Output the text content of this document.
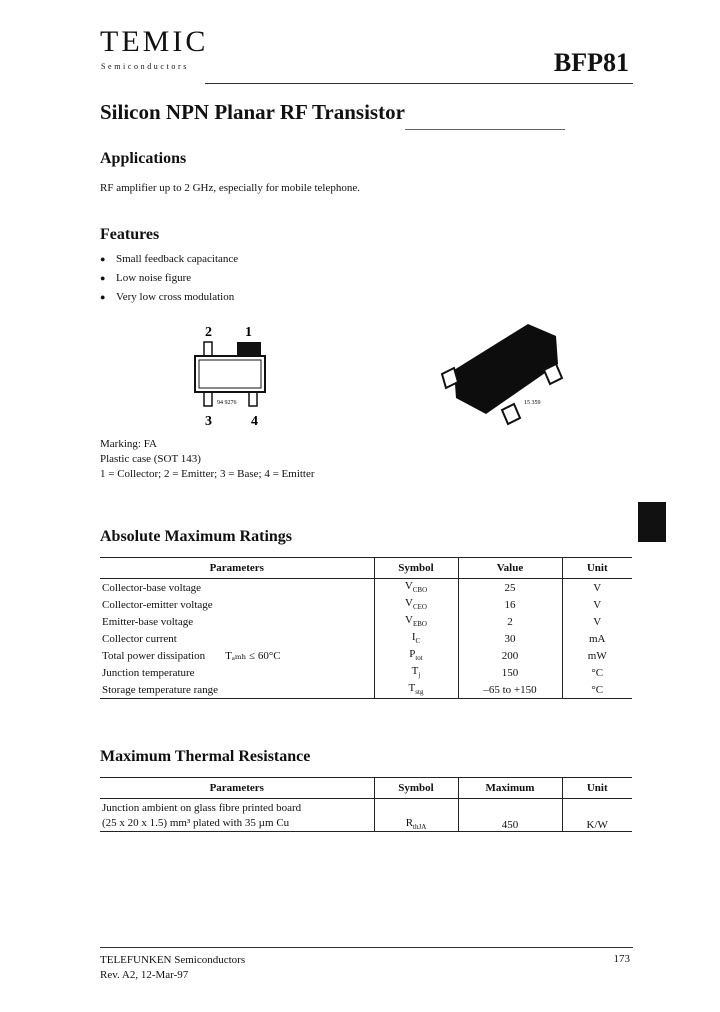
TEMIC
Semiconductors	BFP81
Silicon NPN Planar RF Transistor
Applications
RF amplifier up to 2 GHz, especially for mobile telephone.
Features
● Small feedback capacitance
● Low noise figure
● Very low cross modulation
2 1
94 9276
3	4
15 359
Marking: FA
Plastic case (SOT 143)
1 = Collector; 2 = Emitter; 3 = Base; 4 = Emitter
Absolute Maximum Ratings
Parameters	Symbol	Value	Unit
Collector-base voltage	$V_{CBO}$	25	V
Collector-emitter voltage	$V_{CEO}$	16	V
Emitter-base voltage	$V_{EBO}$	2	V
Collector current	$I_C$	30	mA
Total power dissipation Tₐₘₕ ≤ 60°C	$P_{tot}$	200	mW
Junction temperature	$T_j$	150	°C
Storage temperature range	$T_{stg}$	–65 to +150	°C
Maximum Thermal Resistance
Parameters	Symbol	Maximum	Unit

Junction ambient on glass fibre printed board
(25 x 20 x 1.5) mm³ plated with 35 µm Cu	$R_{thJA}$	450	K/W
TELEFUNKEN Semiconductors
Rev. A2, 12-Mar-97
173
